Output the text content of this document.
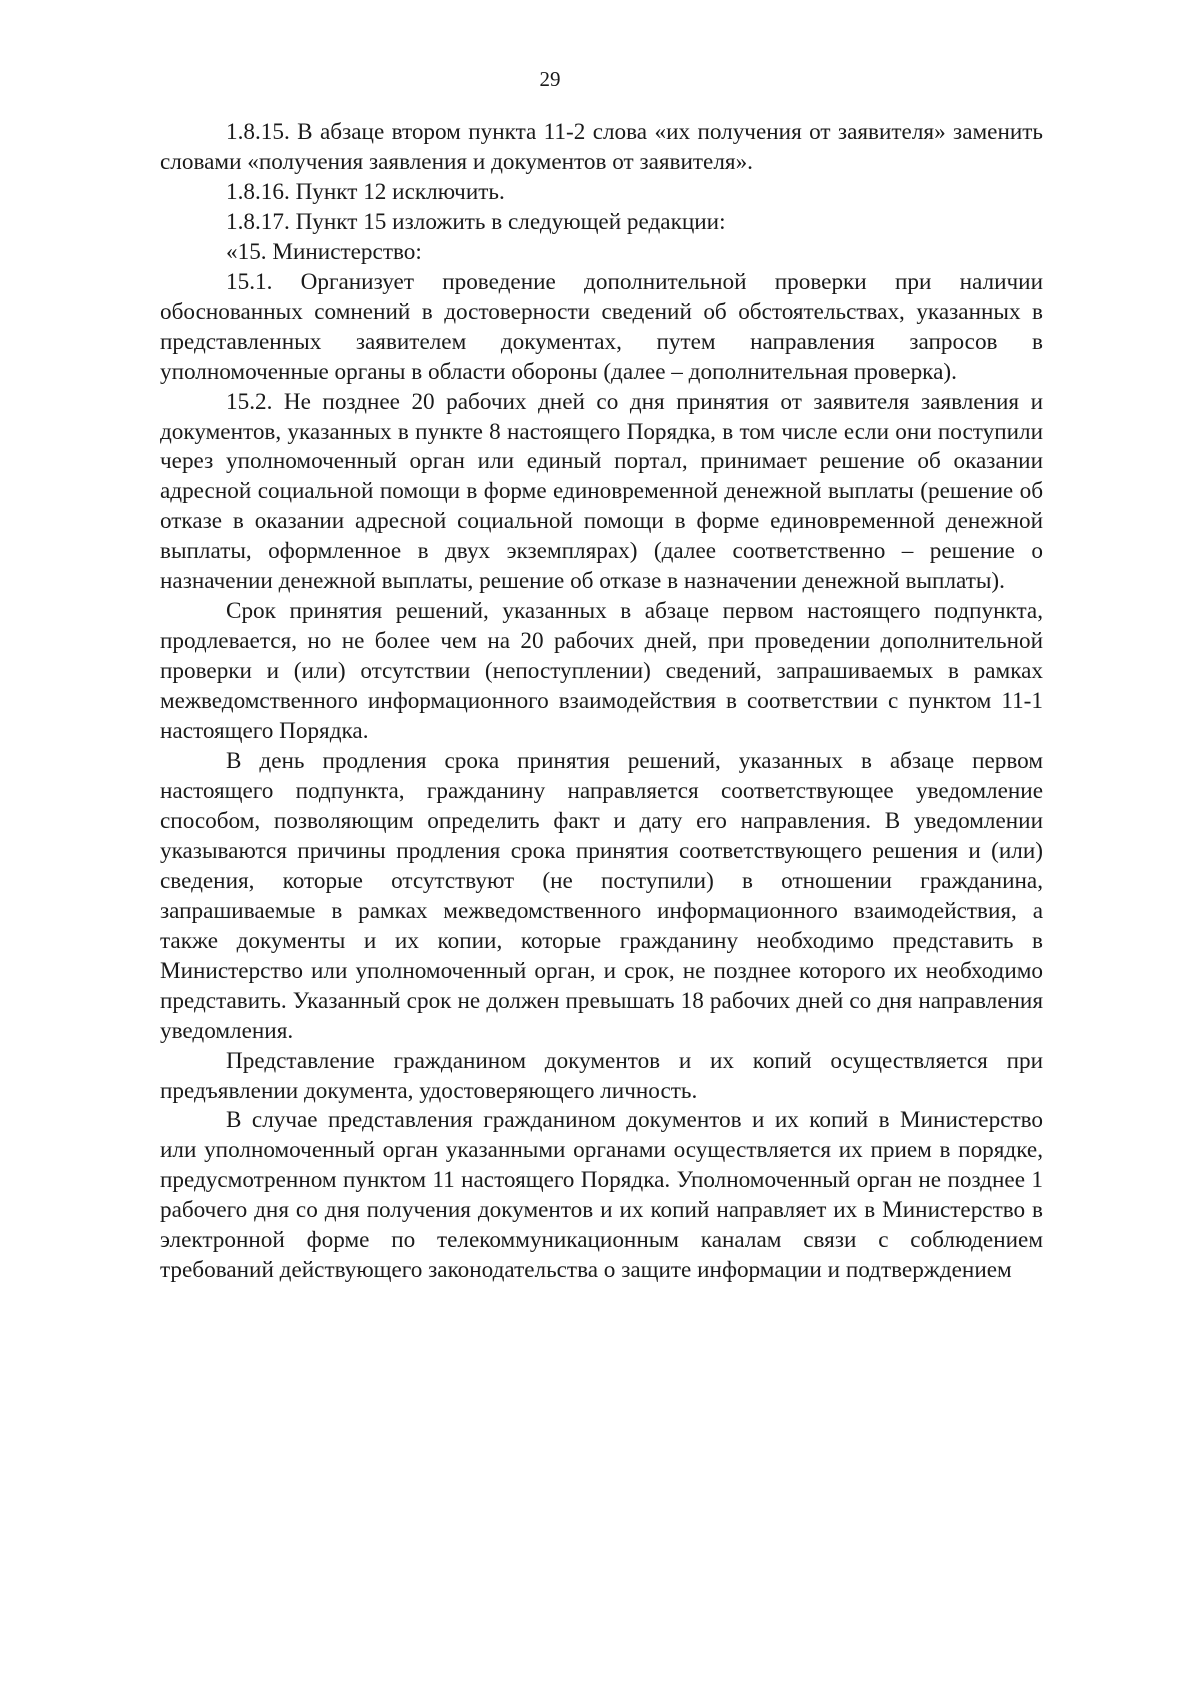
29

1.8.15. В абзаце втором пункта 11-2 слова «их получения от заявителя» заменить словами «получения заявления и документов от заявителя».

1.8.16. Пункт 12 исключить.

1.8.17. Пункт 15 изложить в следующей редакции:

«15. Министерство:

15.1. Организует проведение дополнительной проверки при наличии обоснованных сомнений в достоверности сведений об обстоятельствах, указанных в представленных заявителем документах, путем направления запросов в уполномоченные органы в области обороны (далее – дополнительная проверка).

15.2. Не позднее 20 рабочих дней со дня принятия от заявителя заявления и документов, указанных в пункте 8 настоящего Порядка, в том числе если они поступили через уполномоченный орган или единый портал, принимает решение об оказании адресной социальной помощи в форме единовременной денежной выплаты (решение об отказе в оказании адресной социальной помощи в форме единовременной денежной выплаты, оформленное в двух экземплярах) (далее соответственно – решение о назначении денежной выплаты, решение об отказе в назначении денежной выплаты).

Срок принятия решений, указанных в абзаце первом настоящего подпункта, продлевается, но не более чем на 20 рабочих дней, при проведении дополнительной проверки и (или) отсутствии (непоступлении) сведений, запрашиваемых в рамках межведомственного информационного взаимодействия в соответствии с пунктом 11-1 настоящего Порядка.

В день продления срока принятия решений, указанных в абзаце первом настоящего подпункта, гражданину направляется соответствующее уведомление способом, позволяющим определить факт и дату его направления. В уведомлении указываются причины продления срока принятия соответствующего решения и (или) сведения, которые отсутствуют (не поступили) в отношении гражданина, запрашиваемые в рамках межведомственного информационного взаимодействия, а также документы и их копии, которые гражданину необходимо представить в Министерство или уполномоченный орган, и срок, не позднее которого их необходимо представить. Указанный срок не должен превышать 18 рабочих дней со дня направления уведомления.

Представление гражданином документов и их копий осуществляется при предъявлении документа, удостоверяющего личность.

В случае представления гражданином документов и их копий в Министерство или уполномоченный орган указанными органами осуществляется их прием в порядке, предусмотренном пунктом 11 настоящего Порядка. Уполномоченный орган не позднее 1 рабочего дня со дня получения документов и их копий направляет их в Министерство в электронной форме по телекоммуникационным каналам связи с соблюдением требований действующего законодательства о защите информации и подтверждением
